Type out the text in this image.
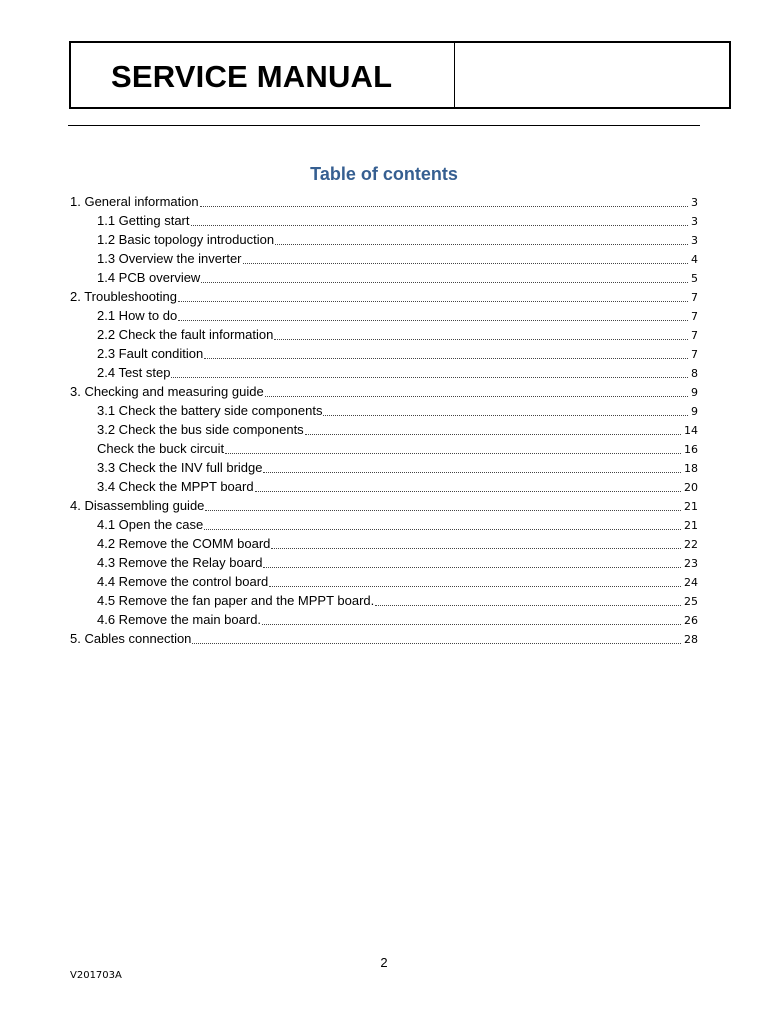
SERVICE MANUAL
Table of contents
1. General information	3
1.1 Getting start	3
1.2 Basic topology introduction	3
1.3 Overview the inverter	4
1.4 PCB overview	5
2. Troubleshooting	7
2.1 How to do	7
2.2 Check the fault information	7
2.3 Fault condition	7
2.4 Test step	8
3. Checking and measuring guide	9
3.1 Check the battery side components	9
3.2 Check the bus side components	14
Check the buck circuit	16
3.3 Check the INV full bridge	18
3.4 Check the MPPT board	20
4. Disassembling guide	21
4.1 Open the case	21
4.2 Remove the COMM board	22
4.3 Remove the Relay board	23
4.4 Remove the control board	24
4.5 Remove the fan paper and the MPPT board.	25
4.6 Remove the main board.	26
5. Cables connection	28
2
V201703A
